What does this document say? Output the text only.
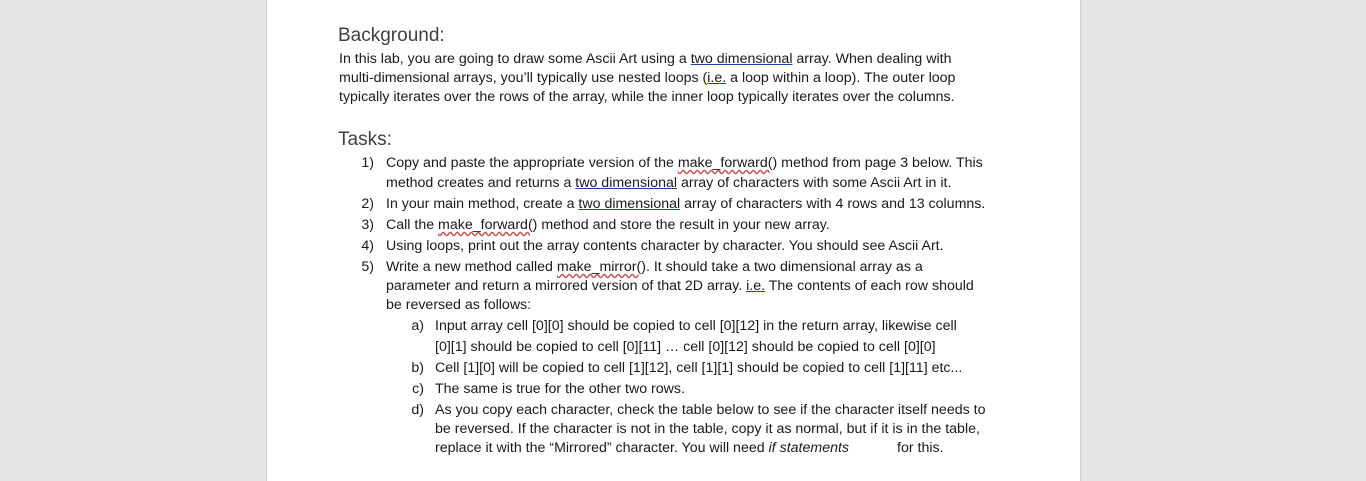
Background:
In this lab, you are going to draw some Ascii Art using a two dimensional array. When dealing with
multi-dimensional arrays, you’ll typically use nested loops (i.e. a loop within a loop). The outer loop
typically iterates over the rows of the array, while the inner loop typically iterates over the columns.
Tasks:
1) Copy and paste the appropriate version of the make_forward() method from page 3 below. This
method creates and returns a two dimensional array of characters with some Ascii Art in it.
2) In your main method, create a two dimensional array of characters with 4 rows and 13 columns.
3) Call the make_forward() method and store the result in your new array.
4) Using loops, print out the array contents character by character. You should see Ascii Art.
5) Write a new method called make_mirror(). It should take a two dimensional array as a
parameter and return a mirrored version of that 2D array. i.e. The contents of each row should
be reversed as follows:
a) Input array cell [0][0] should be copied to cell [0][12] in the return array, likewise cell
[0][1] should be copied to cell [0][11] … cell [0][12] should be copied to cell [0][0]
b) Cell [1][0] will be copied to cell [1][12], cell [1][1] should be copied to cell [1][11] etc...
c) The same is true for the other two rows.
d) As you copy each character, check the table below to see if the character itself needs to
be reversed. If the character is not in the table, copy it as normal, but if it is in the table,
replace it with the “Mirrored” character. You will need if statements	for this.
